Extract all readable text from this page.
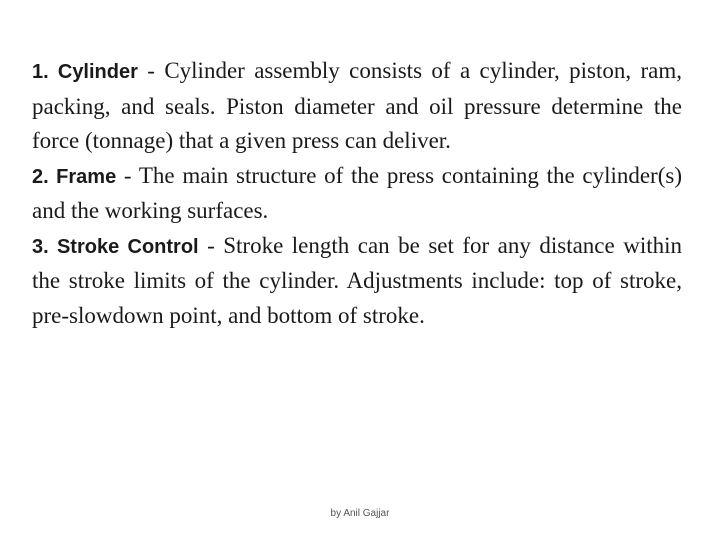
1. Cylinder - Cylinder assembly consists of a cylinder, piston, ram, packing, and seals. Piston diameter and oil pressure determine the force (tonnage) that a given press can deliver.

2. Frame - The main structure of the press containing the cylinder(s) and the working surfaces.

3. Stroke Control - Stroke length can be set for any distance within the stroke limits of the cylinder. Adjustments include: top of stroke, pre-slowdown point, and bottom of stroke.

by Anil Gajjar
